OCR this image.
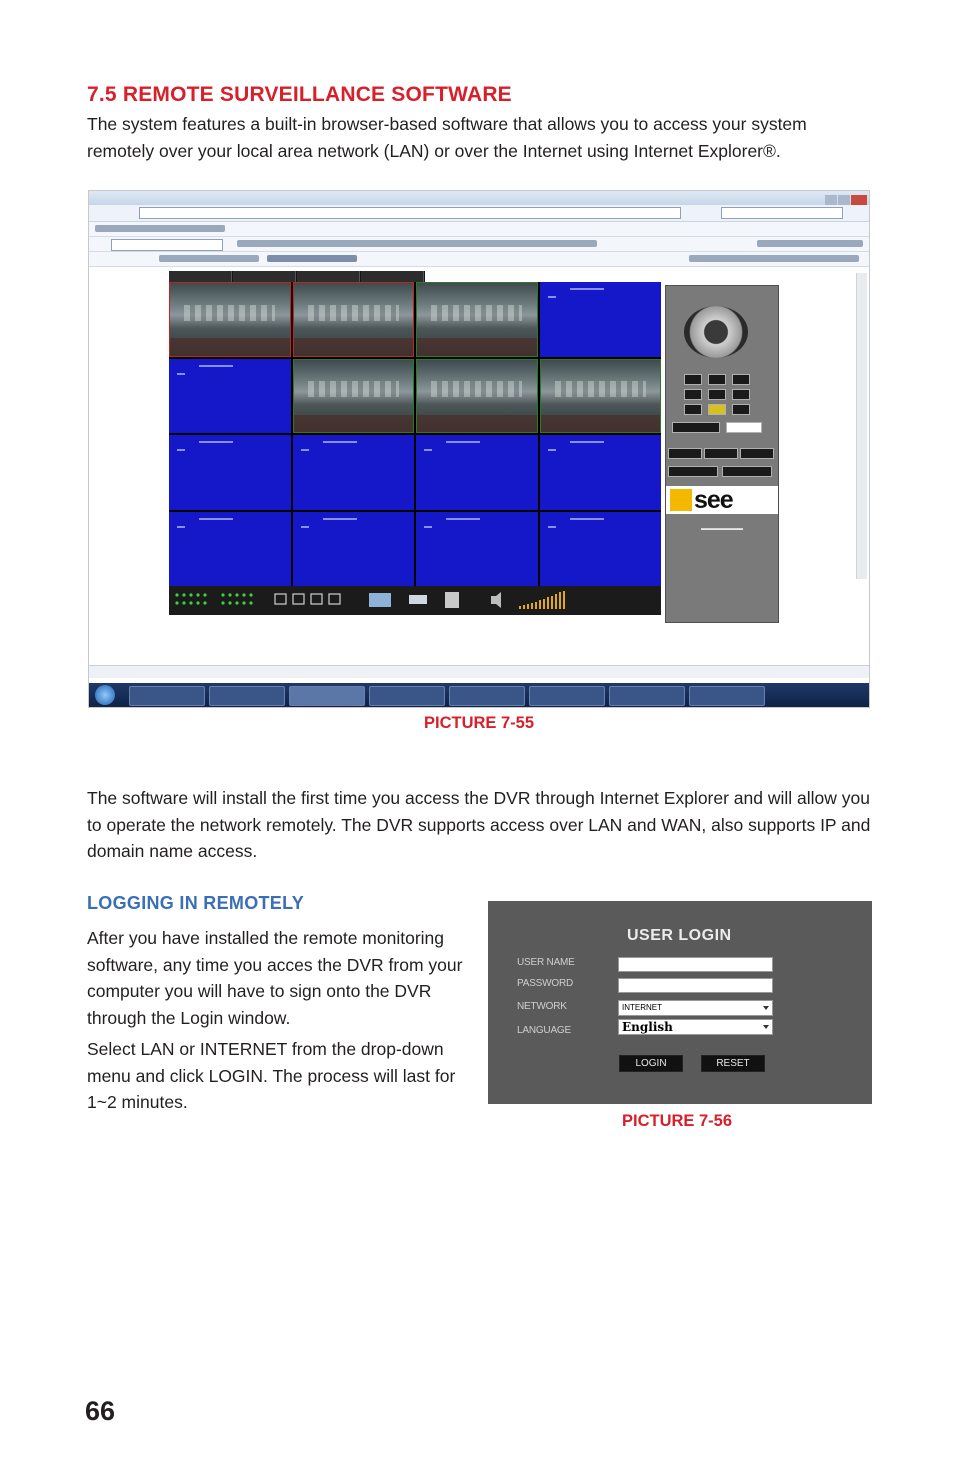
7.5 REMOTE SURVEILLANCE SOFTWARE
The system features a built-in browser-based software that allows you to access your system remotely over your local area network (LAN) or over the Internet using Internet Explorer®.
see
▬▬▬▬▬▬▬
PICTURE 7-55
The software will install the first time you access the DVR through Internet Explorer and will allow you to operate the network remotely. The DVR supports access over LAN and WAN, also supports IP and domain name access.
LOGGING IN REMOTELY
After you have installed the remote monitoring software, any time you acces the DVR from your computer you will have to sign onto the DVR through the Login window.
Select LAN or INTERNET from the drop-down menu and click LOGIN. The process will last for 1~2 minutes.
USER LOGIN
USER NAME
PASSWORD
NETWORK	INTERNET
LANGUAGE	English
LOGIN	RESET
PICTURE 7-56
66
